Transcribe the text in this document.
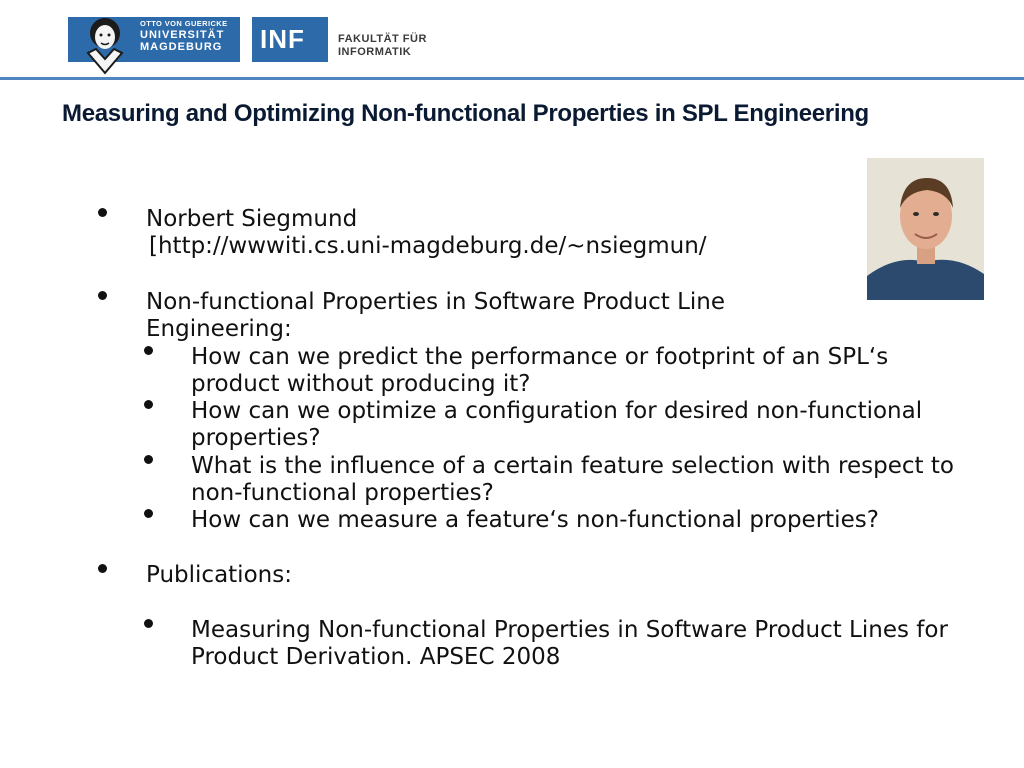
OTTO VON GUERICKE
UNIVERSITÄT
MAGDEBURG	INF	FAKULTÄT FÜR
INFORMATIK
Measuring and Optimizing Non-functional Properties in SPL Engineering

Norbert Siegmund

[http://wwwiti.cs.uni-magdeburg.de/~nsiegmun/

Non-functional Properties in Software Product Line Engineering:

How can we predict the performance or footprint of an SPL‘s product without producing it?

How can we optimize a configuration for desired non-functional properties?

What is the influence of a certain feature selection with respect to non-functional properties?

How can we measure a feature‘s non-functional properties?

Publications:

Measuring Non-functional Properties in Software Product Lines for Product Derivation. APSEC 2008
